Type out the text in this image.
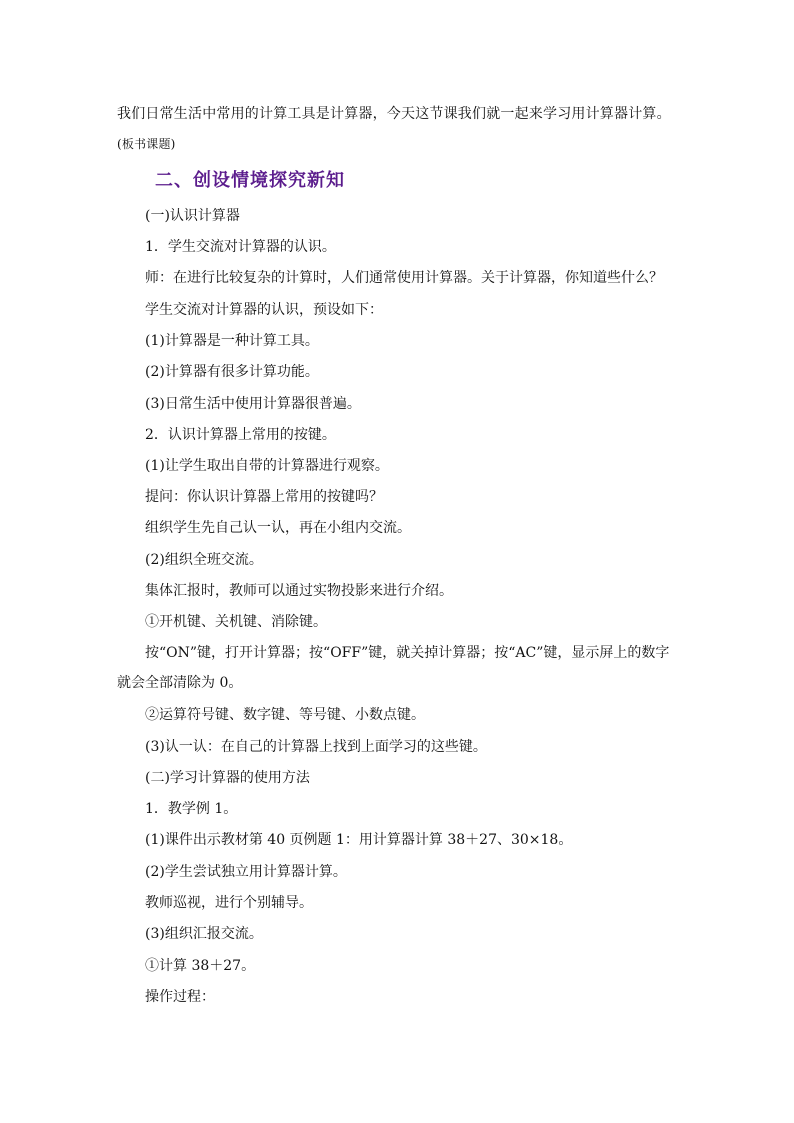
我们日常生活中常用的计算工具是计算器，今天这节课我们就一起来学习用计算器计算。(板书课题)
二、创设情境探究新知
(一)认识计算器
1．学生交流对计算器的认识。
师：在进行比较复杂的计算时，人们通常使用计算器。关于计算器，你知道些什么？
学生交流对计算器的认识，预设如下：
(1)计算器是一种计算工具。
(2)计算器有很多计算功能。
(3)日常生活中使用计算器很普遍。
2．认识计算器上常用的按键。
(1)让学生取出自带的计算器进行观察。
提问：你认识计算器上常用的按键吗？
组织学生先自己认一认，再在小组内交流。
(2)组织全班交流。
集体汇报时，教师可以通过实物投影来进行介绍。
①开机键、关机键、消除键。
按“ON”键，打开计算器；按“OFF”键，就关掉计算器；按“AC”键，显示屏上的数字就会全部清除为 0。
②运算符号键、数字键、等号键、小数点键。
(3)认一认：在自己的计算器上找到上面学习的这些键。
(二)学习计算器的使用方法
1．教学例 1。
(1)课件出示教材第 40 页例题 1：用计算器计算 38＋27、30×18。
(2)学生尝试独立用计算器计算。
教师巡视，进行个别辅导。
(3)组织汇报交流。
①计算 38＋27。
操作过程：
